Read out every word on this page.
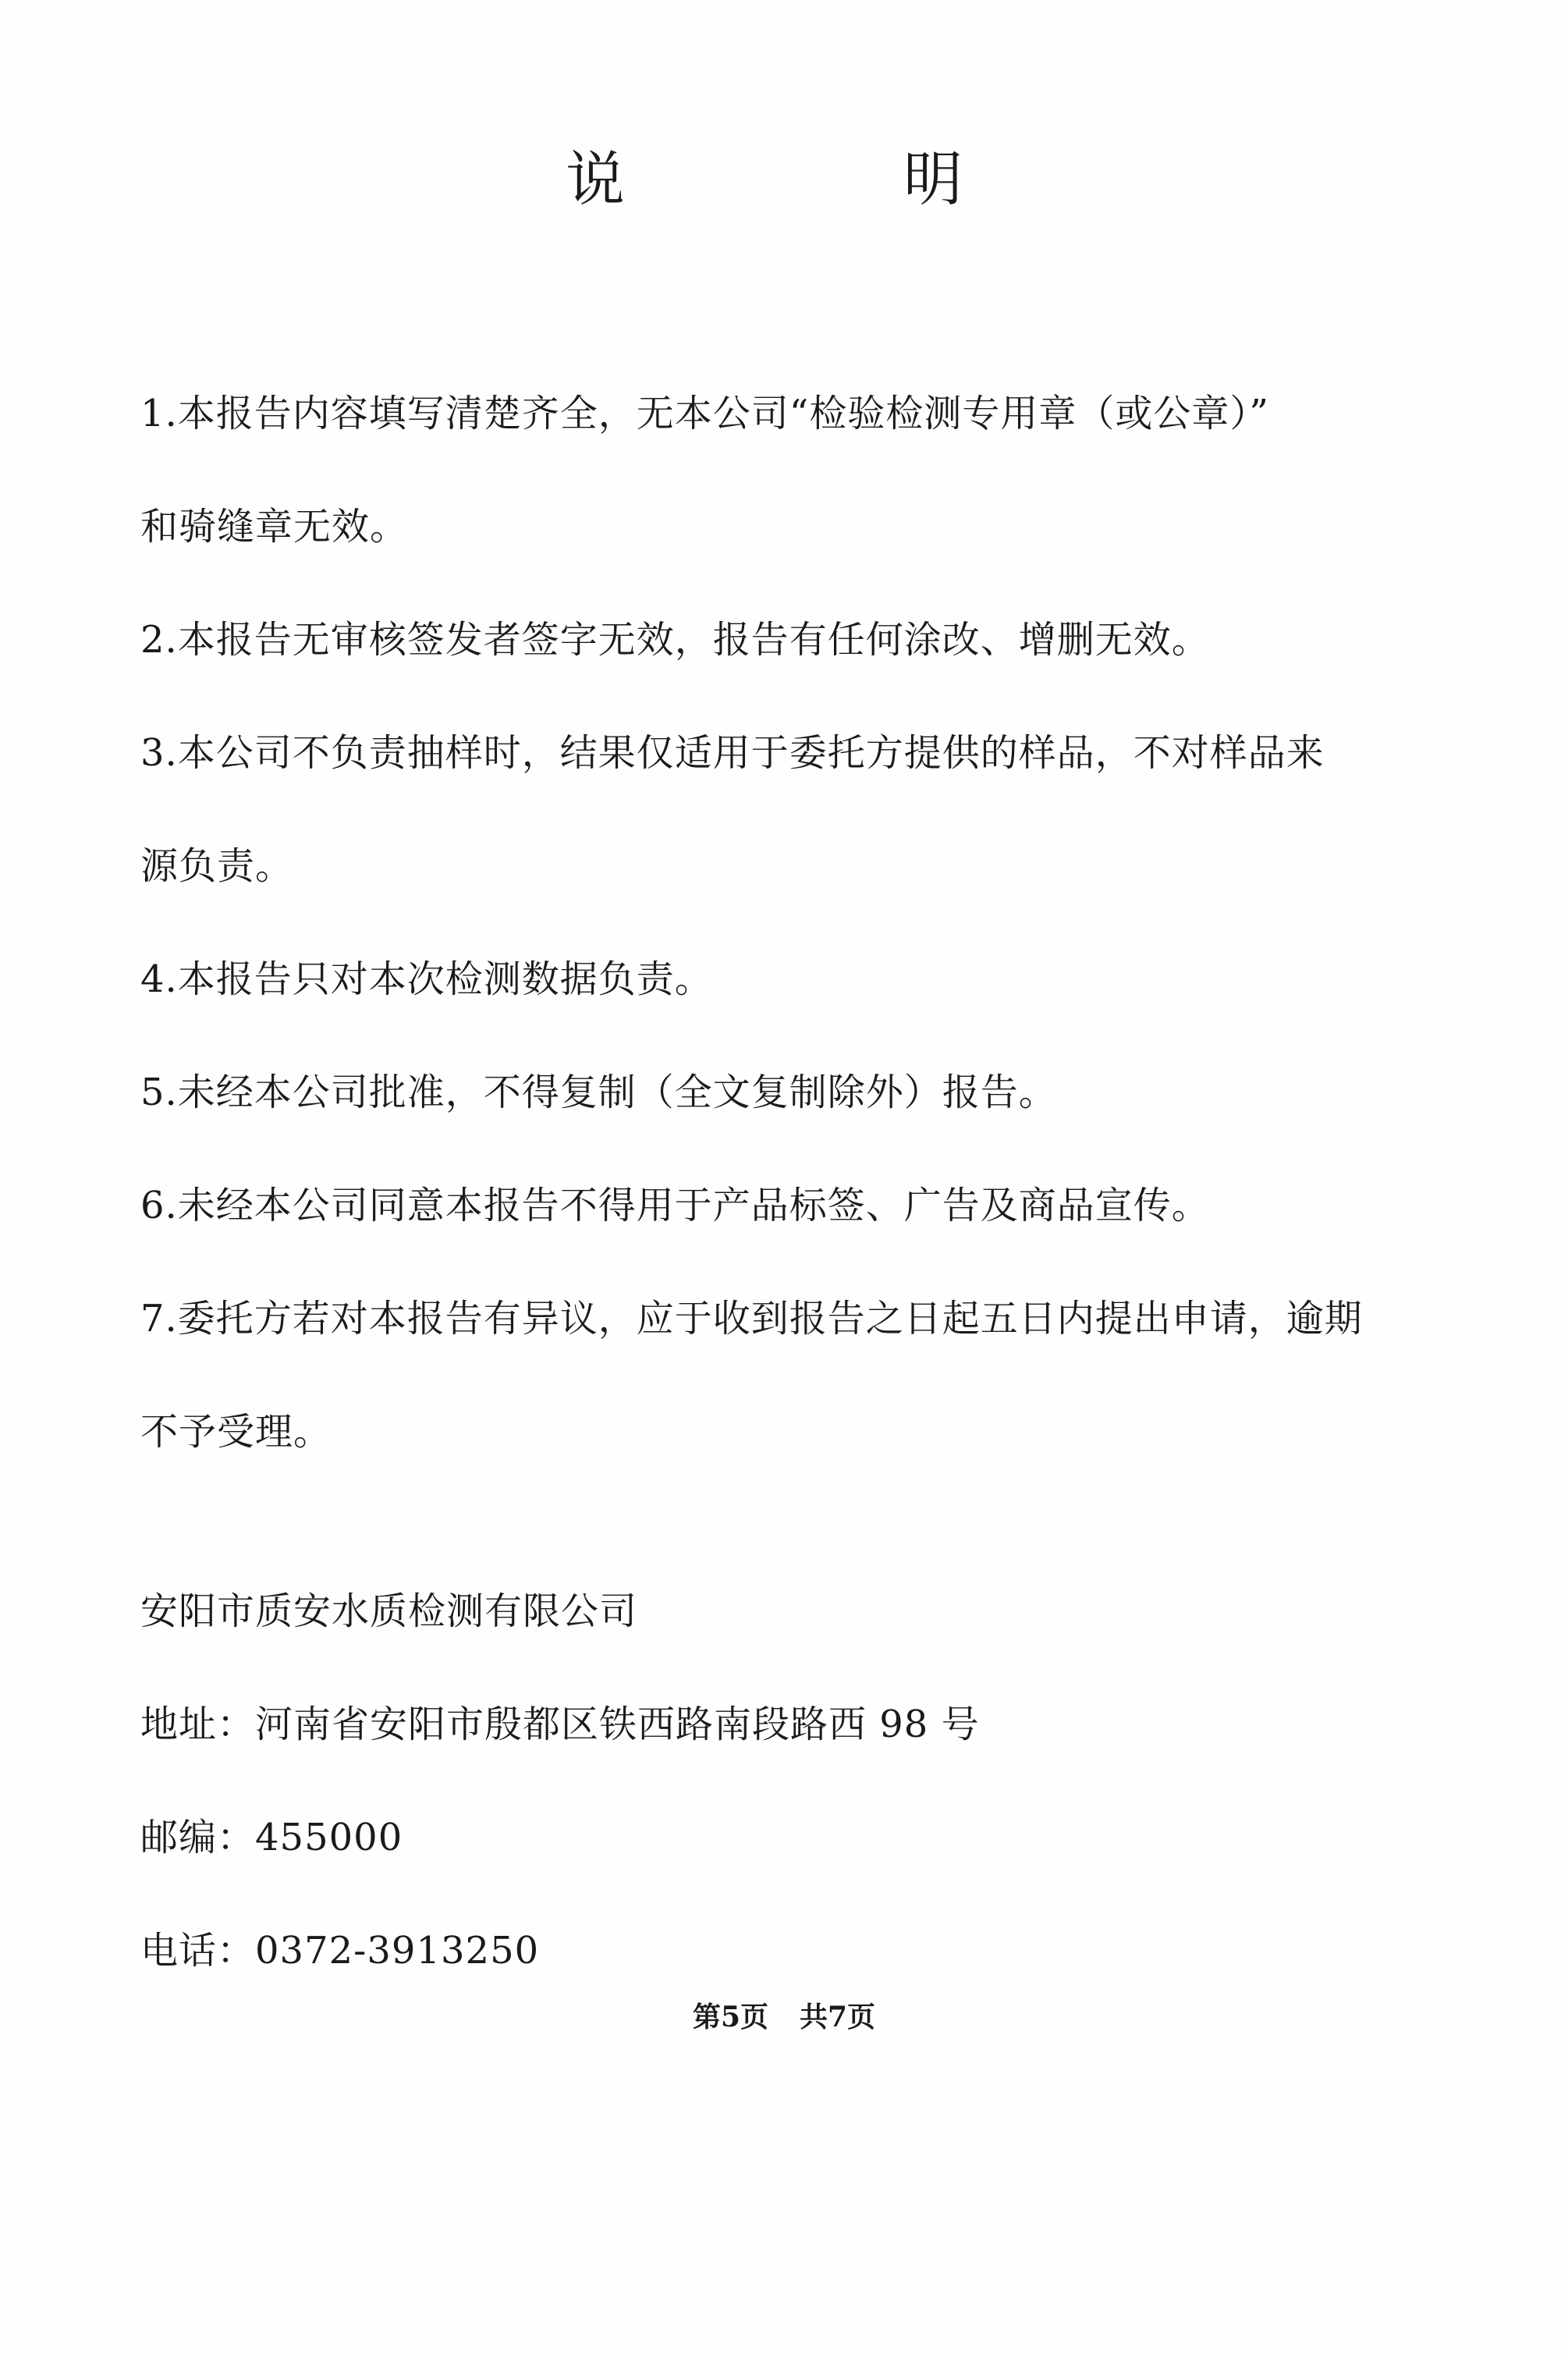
说	明
1.本报告内容填写清楚齐全，无本公司“检验检测专用章（或公章）”
和骑缝章无效。
2.本报告无审核签发者签字无效，报告有任何涂改、增删无效。
3.本公司不负责抽样时，结果仅适用于委托方提供的样品，不对样品来
源负责。
4.本报告只对本次检测数据负责。
5.未经本公司批准，不得复制（全文复制除外）报告。
6.未经本公司同意本报告不得用于产品标签、广告及商品宣传。
7.委托方若对本报告有异议，应于收到报告之日起五日内提出申请，逾期
不予受理。
安阳市质安水质检测有限公司
地址：河南省安阳市殷都区铁西路南段路西 98 号
邮编：455000
电话：0372-3913250
第5页 共7页
